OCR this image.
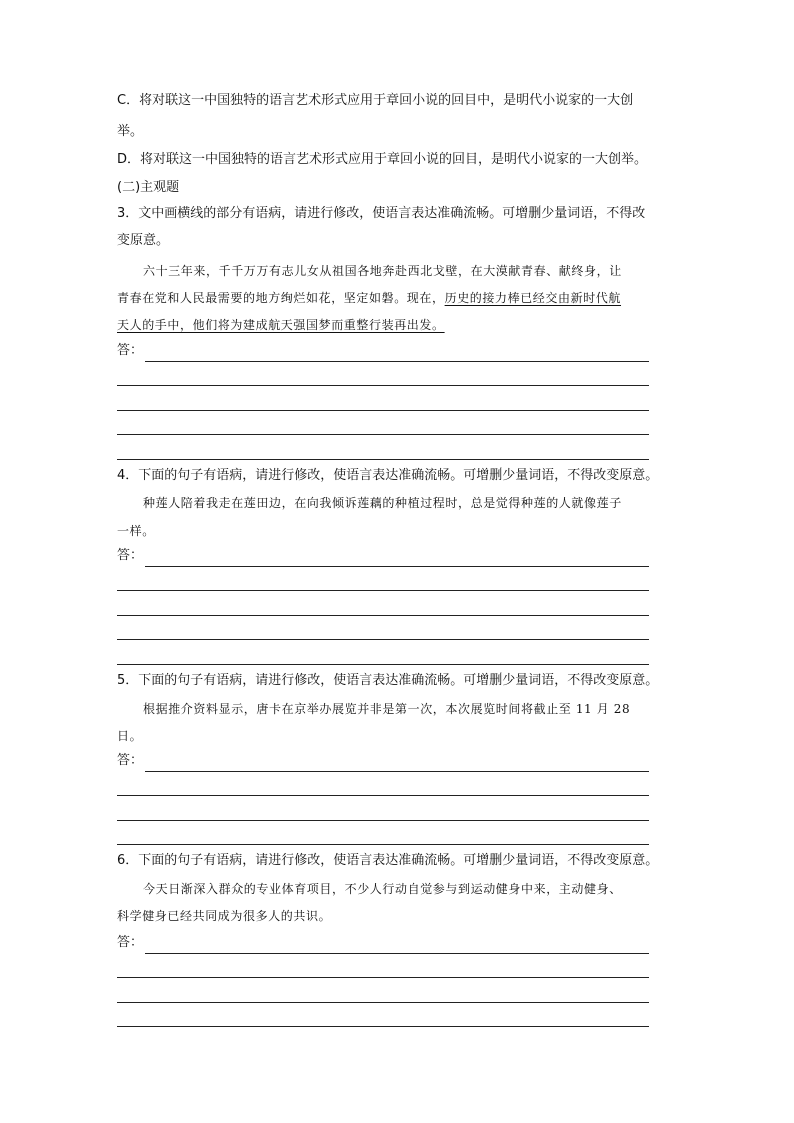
C．将对联这一中国独特的语言艺术形式应用于章回小说的回目中，是明代小说家的一大创
举。
D．将对联这一中国独特的语言艺术形式应用于章回小说的回目，是明代小说家的一大创举。
(二)主观题
3．文中画横线的部分有语病，请进行修改，使语言表达准确流畅。可增删少量词语，不得改
变原意。
六十三年来，千千万万有志儿女从祖国各地奔赴西北戈壁，在大漠献青春、献终身，让
青春在党和人民最需要的地方绚烂如花，坚定如磐。现在，历史的接力棒已经交由新时代航
天人的手中，他们将为建成航天强国梦而重整行装再出发。
答：
4．下面的句子有语病，请进行修改，使语言表达准确流畅。可增删少量词语，不得改变原意。
种莲人陪着我走在莲田边，在向我倾诉莲藕的种植过程时，总是觉得种莲的人就像莲子
一样。
答：
5．下面的句子有语病，请进行修改，使语言表达准确流畅。可增删少量词语，不得改变原意。
根据推介资料显示，唐卡在京举办展览并非是第一次，本次展览时间将截止至 11 月 28
日。
答：
6．下面的句子有语病，请进行修改，使语言表达准确流畅。可增删少量词语，不得改变原意。
今天日渐深入群众的专业体育项目，不少人行动自觉参与到运动健身中来，主动健身、
科学健身已经共同成为很多人的共识。
答：
